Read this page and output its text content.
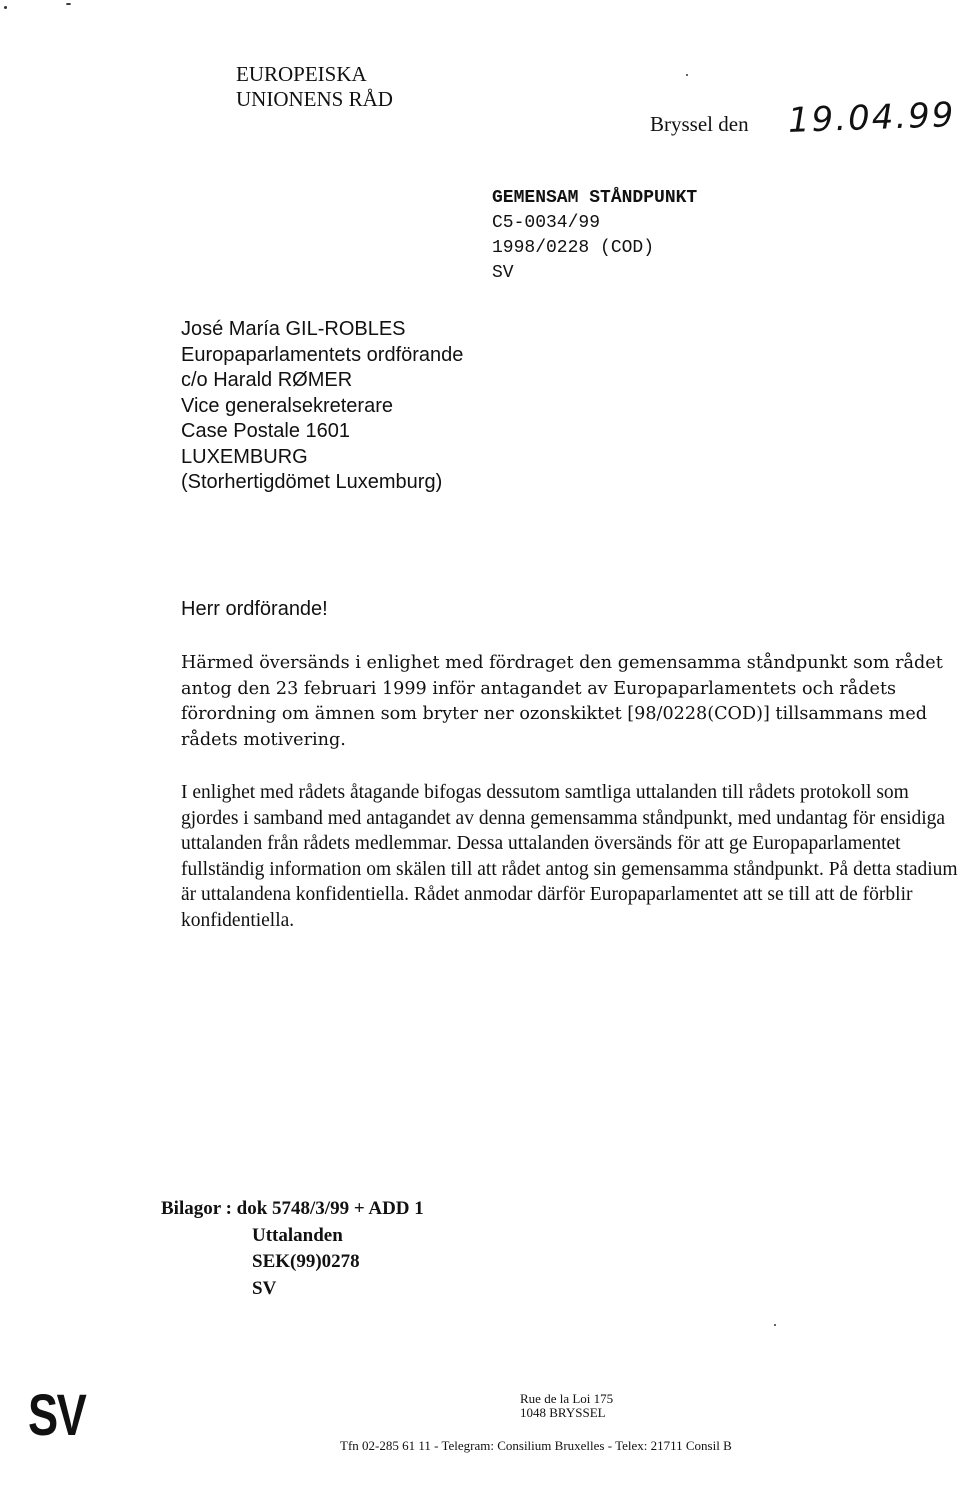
EUROPEISKA
UNIONENS RÅD
Bryssel den 19.04.99
GEMENSAM STÅNDPUNKT
C5-0034/99
1998/0228 (COD)
SV
José María GIL-ROBLES
Europaparlamentets ordförande
c/o Harald RØMER
Vice generalsekreterare
Case Postale 1601
LUXEMBURG
(Storhertigdömet Luxemburg)
Herr ordförande!

Härmed översänds i enlighet med fördraget den gemensamma ståndpunkt som rådet antog den 23 februari 1999 inför antagandet av Europaparlamentets och rådets förordning om ämnen som bryter ner ozonskiktet [98/0228(COD)] tillsammans med rådets motivering.

I enlighet med rådets åtagande bifogas dessutom samtliga uttalanden till rådets protokoll som gjordes i samband med antagandet av denna gemensamma ståndpunkt, med undantag för ensidiga uttalanden från rådets medlemmar. Dessa uttalanden översänds för att ge Europaparlamentet fullständig information om skälen till att rådet antog sin gemensamma ståndpunkt. På detta stadium är uttalandena konfidentiella. Rådet anmodar därför Europaparlamentet att se till att de förblir konfidentiella.

Bilagor : dok 5748/3/99 + ADD 1
Uttalanden
SEK(99)0278
SV
SV	Rue de la Loi 175
1048 BRYSSEL
Tfn 02-285 61 11 - Telegram: Consilium Bruxelles - Telex: 21711 Consil B
